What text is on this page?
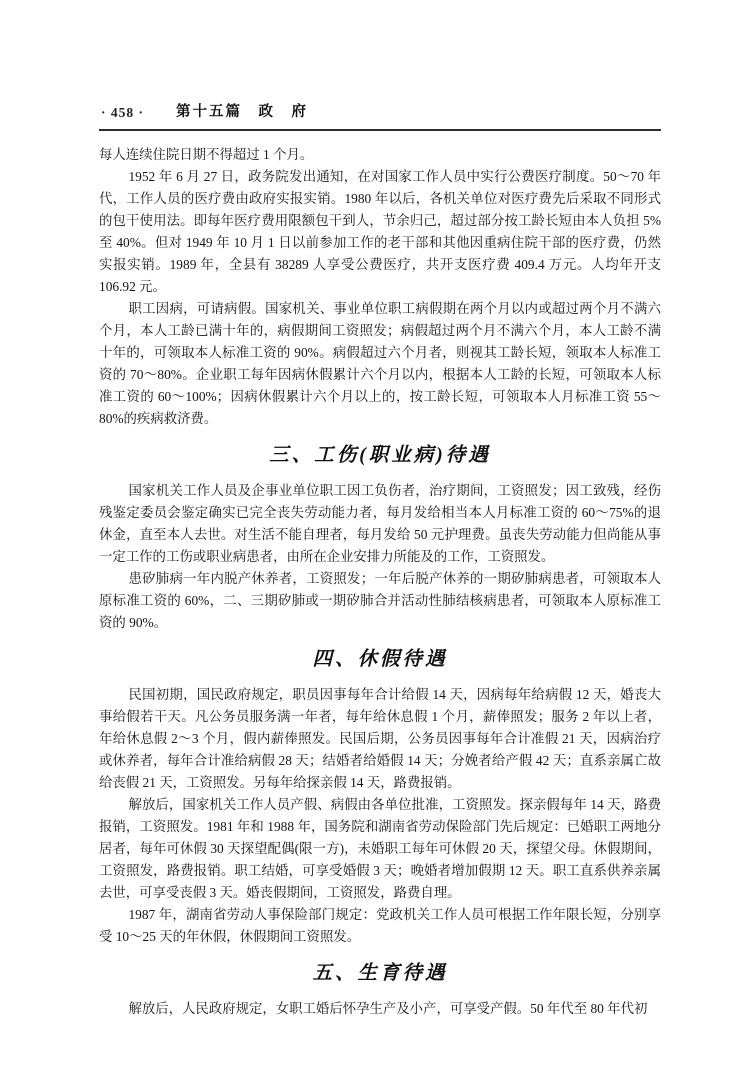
· 458 · 第十五篇　政　府

每人连续住院日期不得超过 1 个月。

1952 年 6 月 27 日，政务院发出通知，在对国家工作人员中实行公费医疗制度。50～70 年代，工作人员的医疗费由政府实报实销。1980 年以后，各机关单位对医疗费先后采取不同形式的包干使用法。即每年医疗费用限额包干到人，节余归己，超过部分按工龄长短由本人负担 5%至 40%。但对 1949 年 10 月 1 日以前参加工作的老干部和其他因重病住院干部的医疗费，仍然实报实销。1989 年，全县有 38289 人享受公费医疗，共开支医疗费 409.4 万元。人均年开支 106.92 元。

职工因病，可请病假。国家机关、事业单位职工病假期在两个月以内或超过两个月不满六个月，本人工龄已满十年的，病假期间工资照发；病假超过两个月不满六个月，本人工龄不满十年的，可领取本人标准工资的 90%。病假超过六个月者，则视其工龄长短，领取本人标准工资的 70～80%。企业职工每年因病休假累计六个月以内，根据本人工龄的长短，可领取本人标准工资的 60～100%；因病休假累计六个月以上的，按工龄长短，可领取本人月标准工资 55～80%的疾病救济费。

三、工伤(职业病)待遇

国家机关工作人员及企事业单位职工因工负伤者，治疗期间，工资照发；因工致残，经伤残鉴定委员会鉴定确实已完全丧失劳动能力者，每月发给相当本人月标准工资的 60～75%的退休金，直至本人去世。对生活不能自理者，每月发给 50 元护理费。虽丧失劳动能力但尚能从事一定工作的工伤或职业病患者，由所在企业安排力所能及的工作，工资照发。

患矽肺病一年内脱产休养者，工资照发；一年后脱产休养的一期矽肺病患者，可领取本人原标准工资的 60%，二、三期矽肺或一期矽肺合并活动性肺结核病患者，可领取本人原标准工资的 90%。

四、休假待遇

民国初期，国民政府规定，职员因事每年合计给假 14 天，因病每年给病假 12 天，婚丧大事给假若干天。凡公务员服务满一年者，每年给休息假 1 个月，薪俸照发；服务 2 年以上者，年给休息假 2～3 个月，假内薪俸照发。民国后期，公务员因事每年合计准假 21 天，因病治疗或休养者，每年合计准给病假 28 天；结婚者给婚假 14 天；分娩者给产假 42 天；直系亲属亡故给丧假 21 天，工资照发。另每年给探亲假 14 天，路费报销。

解放后，国家机关工作人员产假、病假由各单位批准，工资照发。探亲假每年 14 天，路费报销，工资照发。1981 年和 1988 年，国务院和湖南省劳动保险部门先后规定：已婚职工两地分居者，每年可休假 30 天探望配偶(限一方)，未婚职工每年可休假 20 天，探望父母。休假期间，工资照发，路费报销。职工结婚，可享受婚假 3 天；晚婚者增加假期 12 天。职工直系供养亲属去世，可享受丧假 3 天。婚丧假期间，工资照发，路费自理。

1987 年，湖南省劳动人事保险部门规定：党政机关工作人员可根据工作年限长短，分别享受 10～25 天的年休假，休假期间工资照发。

五、生育待遇

解放后，人民政府规定，女职工婚后怀孕生产及小产，可享受产假。50 年代至 80 年代初
